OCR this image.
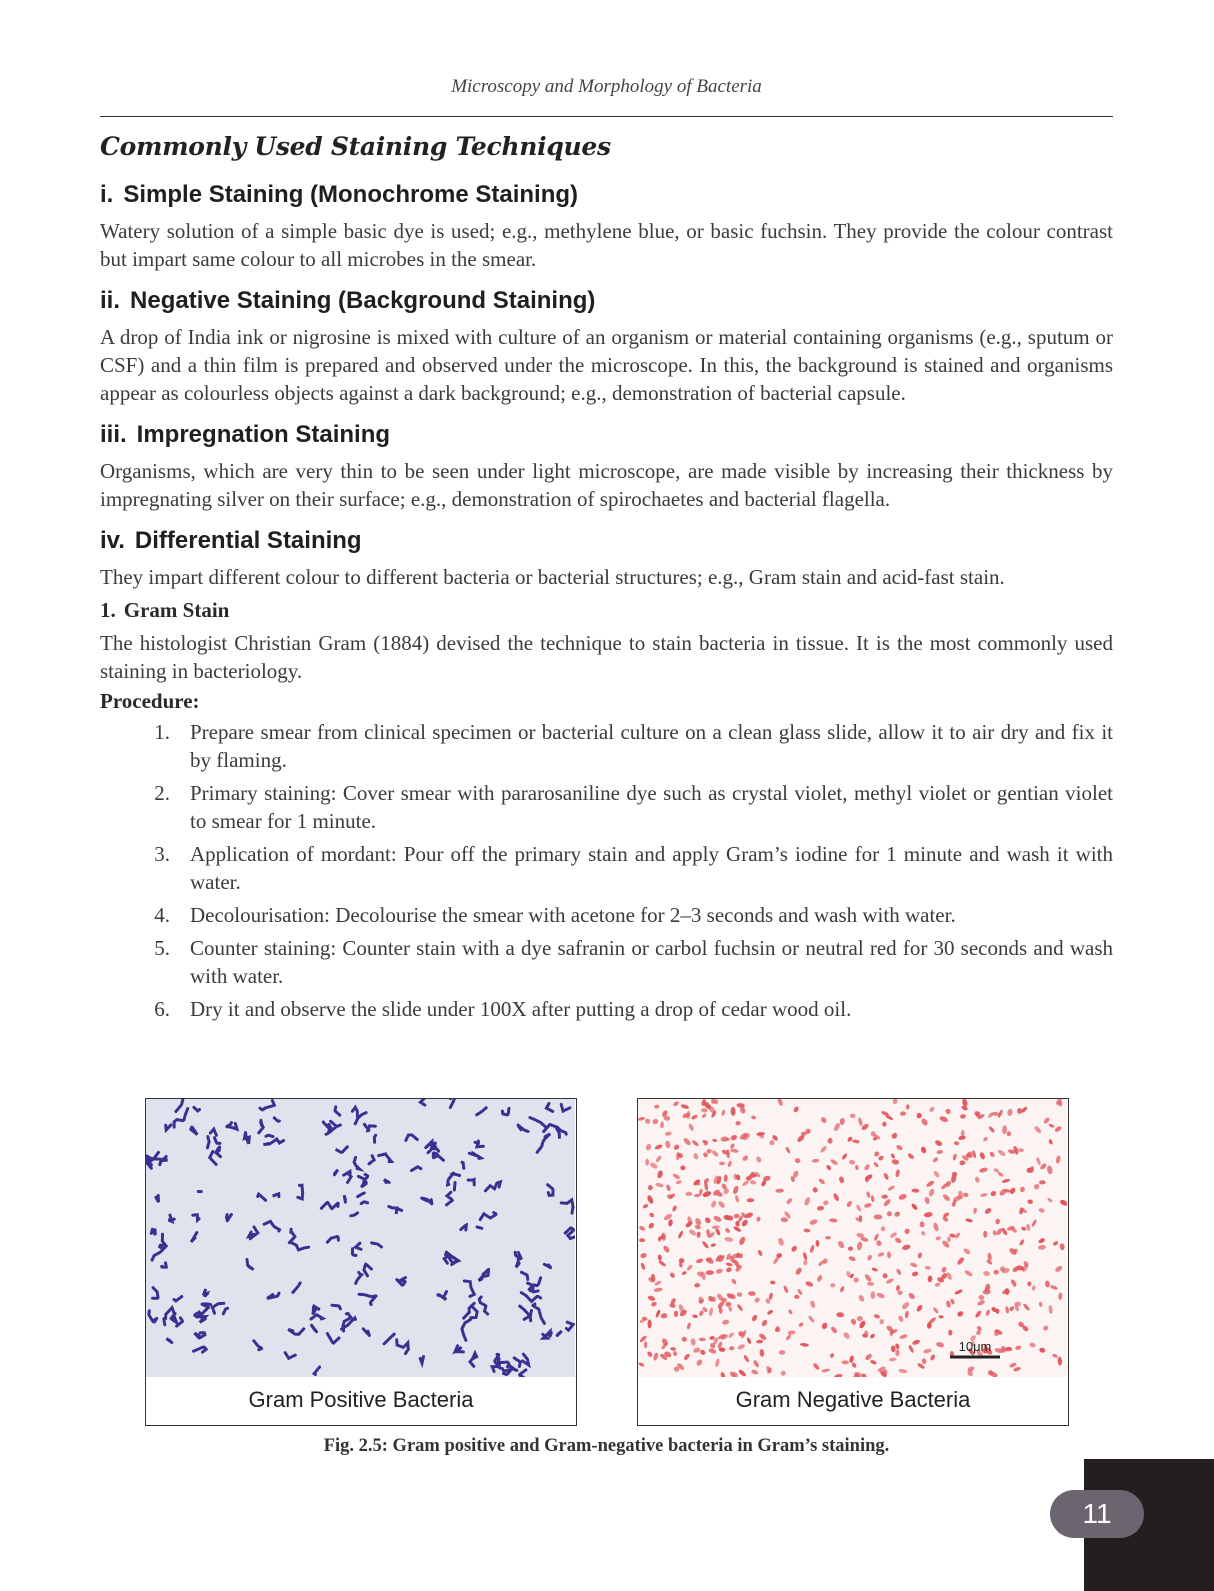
Microscopy and Morphology of Bacteria
Commonly Used Staining Techniques
i. Simple Staining (Monochrome Staining)

Watery solution of a simple basic dye is used; e.g., methylene blue, or basic fuchsin. They provide the colour contrast but impart same colour to all microbes in the smear.

ii. Negative Staining (Background Staining)

A drop of India ink or nigrosine is mixed with culture of an organism or material containing organisms (e.g., sputum or CSF) and a thin film is prepared and observed under the microscope. In this, the background is stained and organisms appear as colourless objects against a dark background; e.g., demonstration of bacterial capsule.

iii. Impregnation Staining

Organisms, which are very thin to be seen under light microscope, are made visible by increasing their thickness by impregnating silver on their surface; e.g., demonstration of spirochaetes and bacterial flagella.

iv. Differential Staining

They impart different colour to different bacteria or bacterial structures; e.g., Gram stain and acid-fast stain.

1. Gram Stain

The histologist Christian Gram (1884) devised the technique to stain bacteria in tissue. It is the most commonly used staining in bacteriology.

Procedure:
1. Prepare smear from clinical specimen or bacterial culture on a clean glass slide, allow it to air dry and fix it by flaming.
2. Primary staining: Cover smear with pararosaniline dye such as crystal violet, methyl violet or gentian violet to smear for 1 minute.
3. Application of mordant: Pour off the primary stain and apply Gram’s iodine for 1 minute and wash it with water.
4. Decolourisation: Decolourise the smear with acetone for 2–3 seconds and wash with water.
5. Counter staining: Counter stain with a dye safranin or carbol fuchsin or neutral red for 30 seconds and wash with water.
6. Dry it and observe the slide under 100X after putting a drop of cedar wood oil.
Gram Positive Bacteria
10μm
Gram Negative Bacteria
Fig. 2.5: Gram positive and Gram-negative bacteria in Gram’s staining.
11
